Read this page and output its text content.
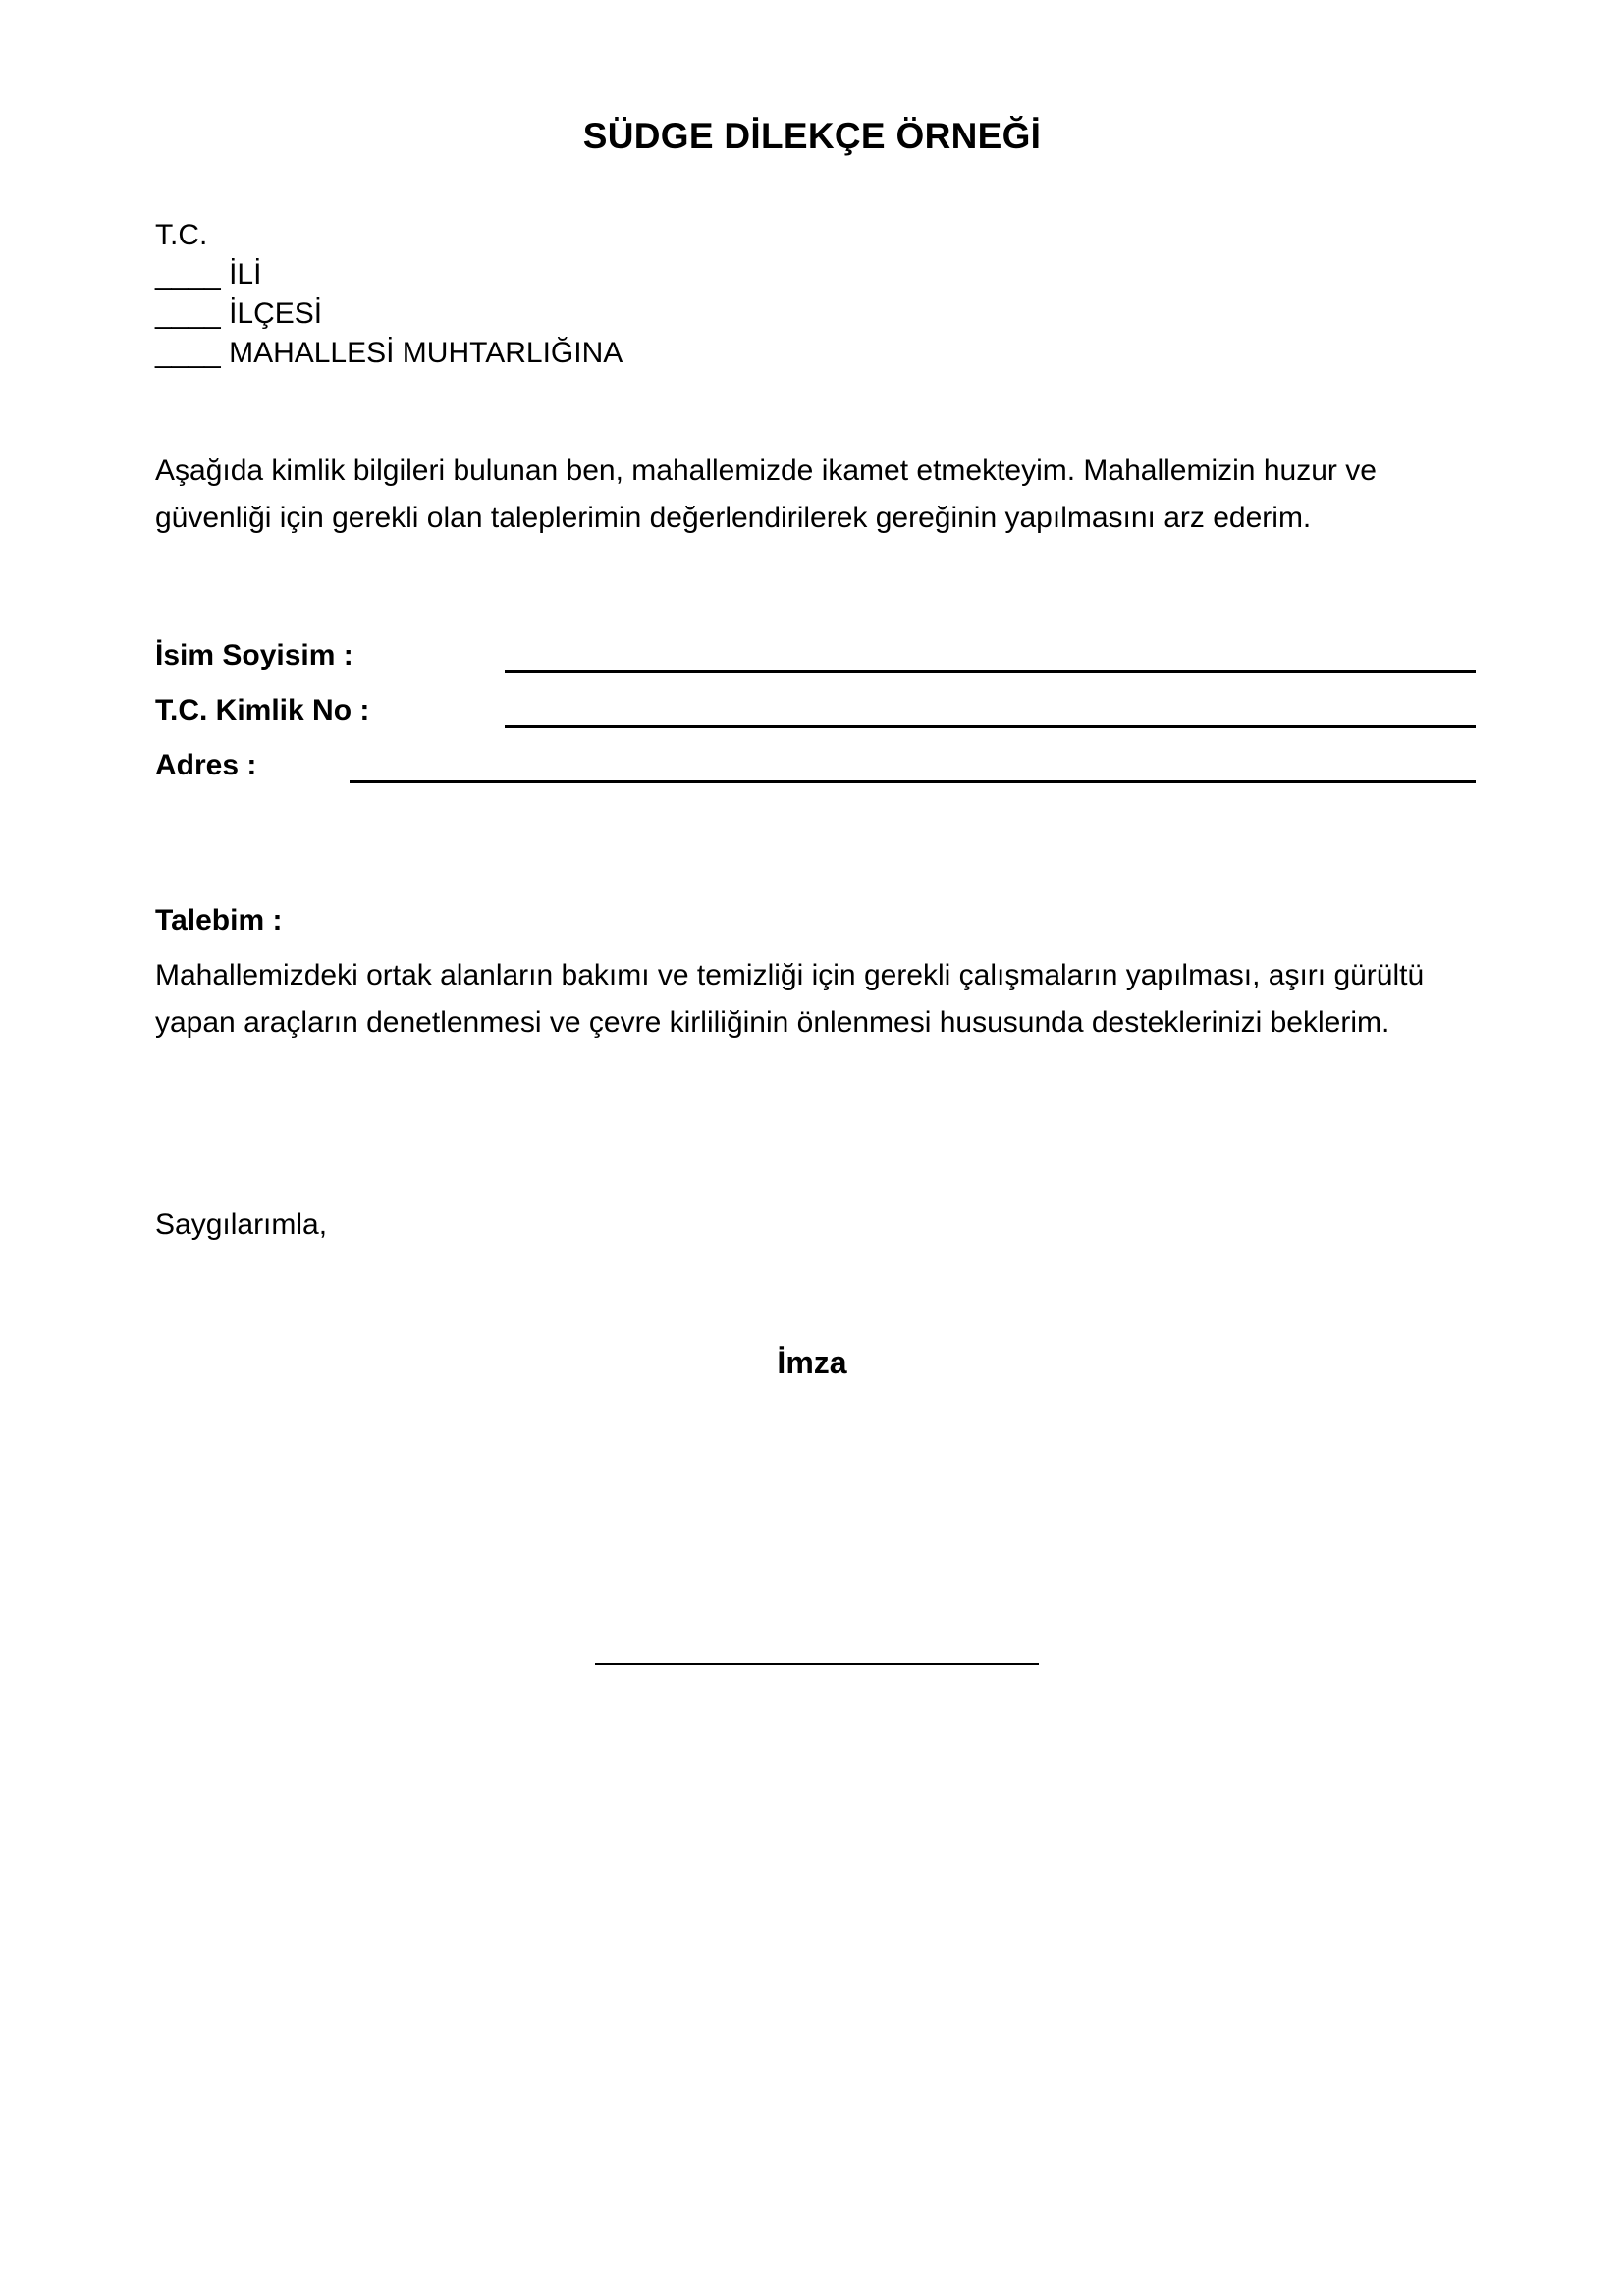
SÜDGE DİLEKÇE ÖRNEĞİ
T.C.
____ İLİ
____ İLÇESİ
____ MAHALLESİ MUHTARLIĞINA
Aşağıda kimlik bilgileri bulunan ben, mahallemizde ikamet etmekteyim. Mahallemizin huzur ve güvenliği için gerekli olan taleplerimin değerlendirilerek gereğinin yapılmasını arz ederim.
İsim Soyisim :
T.C. Kimlik No :
Adres :
Talebim :
Mahallemizdeki ortak alanların bakımı ve temizliği için gerekli çalışmaların yapılması, aşırı gürültü yapan araçların denetlenmesi ve çevre kirliliğinin önlenmesi hususunda desteklerinizi beklerim.
Saygılarımla,
İmza
